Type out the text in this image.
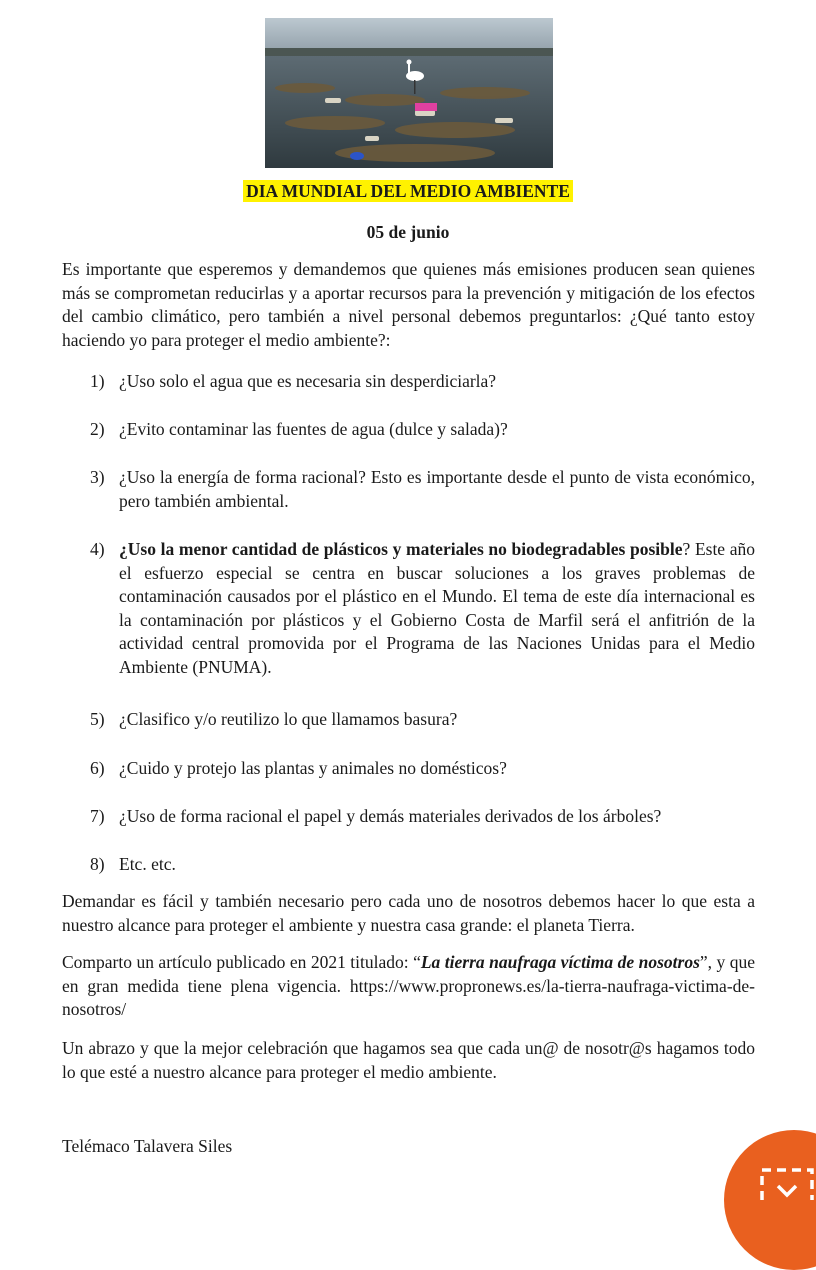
DIA MUNDIAL DEL MEDIO AMBIENTE
05 de junio

Es importante que esperemos y demandemos que quienes más emisiones producen sean quienes más se comprometan reducirlas y a aportar recursos para la prevención y mitigación de los efectos del cambio climático, pero también a nivel personal debemos preguntarlos: ¿Qué tanto estoy haciendo yo para proteger el medio ambiente?:

1) ¿Uso solo el agua que es necesaria sin desperdiciarla?
2) ¿Evito contaminar las fuentes de agua (dulce y salada)?
3) ¿Uso la energía de forma racional? Esto es importante desde el punto de vista económico, pero también ambiental.
4) ¿Uso la menor cantidad de plásticos y materiales no biodegradables posible? Este año el esfuerzo especial se centra en buscar soluciones a los graves problemas de contaminación causados por el plástico en el Mundo. El tema de este día internacional es la contaminación por plásticos y el Gobierno Costa de Marfil será el anfitrión de la actividad central promovida por el Programa de las Naciones Unidas para el Medio Ambiente (PNUMA).
5) ¿Clasifico y/o reutilizo lo que llamamos basura?
6) ¿Cuido y protejo las plantas y animales no domésticos?
7) ¿Uso de forma racional el papel y demás materiales derivados de los árboles?
8) Etc. etc.

Demandar es fácil y también necesario pero cada uno de nosotros debemos hacer lo que esta a nuestro alcance para proteger el ambiente y nuestra casa grande: el planeta Tierra.

Comparto un artículo publicado en 2021 titulado: “La tierra naufraga víctima de nosotros”, y que en gran medida tiene plena vigencia. https://www.propronews.es/la-tierra-naufraga-victima-de-nosotros/

Un abrazo y que la mejor celebración que hagamos sea que cada un@ de nosotr@s hagamos todo lo que esté a nuestro alcance para proteger el medio ambiente.

Telémaco Talavera Siles
